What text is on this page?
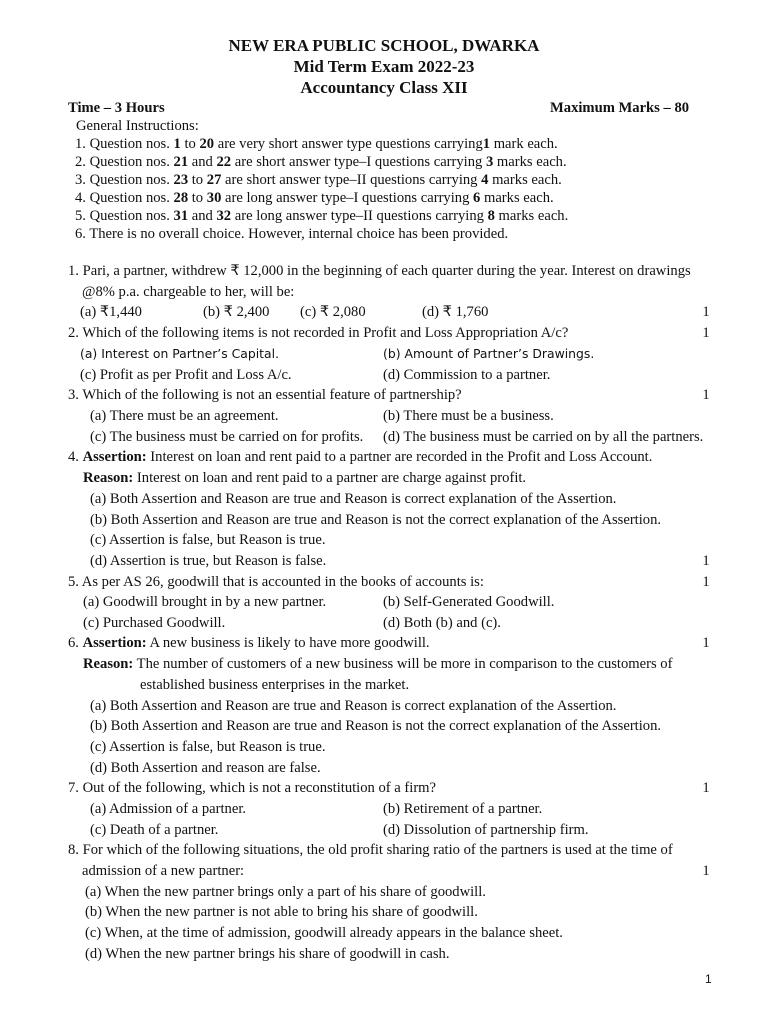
NEW ERA PUBLIC SCHOOL, DWARKA
Mid Term Exam 2022-23
Accountancy Class XII
Time – 3 Hours	Maximum Marks – 80
General Instructions:
1. Question nos. 1 to 20 are very short answer type questions carrying1 mark each.
2. Question nos. 21 and 22 are short answer type–I questions carrying 3 marks each.
3. Question nos. 23 to 27 are short answer type–II questions carrying 4 marks each.
4. Question nos. 28 to 30 are long answer type–I questions carrying 6 marks each.
5. Question nos. 31 and 32 are long answer type–II questions carrying 8 marks each.
6. There is no overall choice. However, internal choice has been provided.
1. Pari, a partner, withdrew ₹ 12,000 in the beginning of each quarter during the year. Interest on drawings
@8% p.a. chargeable to her, will be:
(a) ₹1,440	(b) ₹ 2,400 (c) ₹ 2,080	(d) ₹ 1,760	1
2. Which of the following items is not recorded in Profit and Loss Appropriation A/c?	1
(a) Interest on Partner’s Capital.	(b) Amount of Partner’s Drawings.
(c) Profit as per Profit and Loss A/c.	(d) Commission to a partner.
3. Which of the following is not an essential feature of partnership?	1
(a) There must be an agreement.	(b) There must be a business.
(c) The business must be carried on for profits. (d) The business must be carried on by all the partners.
4. Assertion: Interest on loan and rent paid to a partner are recorded in the Profit and Loss Account.
Reason: Interest on loan and rent paid to a partner are charge against profit.
(a) Both Assertion and Reason are true and Reason is correct explanation of the Assertion.
(b) Both Assertion and Reason are true and Reason is not the correct explanation of the Assertion.
(c) Assertion is false, but Reason is true.
(d) Assertion is true, but Reason is false.	1
5. As per AS 26, goodwill that is accounted in the books of accounts is:	1
(a) Goodwill brought in by a new partner.	(b) Self-Generated Goodwill.
(c) Purchased Goodwill.	(d) Both (b) and (c).
6. Assertion: A new business is likely to have more goodwill.	1
Reason: The number of customers of a new business will be more in comparison to the customers of
established business enterprises in the market.
(a) Both Assertion and Reason are true and Reason is correct explanation of the Assertion.
(b) Both Assertion and Reason are true and Reason is not the correct explanation of the Assertion.
(c) Assertion is false, but Reason is true.
(d) Both Assertion and reason are false.
7. Out of the following, which is not a reconstitution of a firm?	1
(a) Admission of a partner.	(b) Retirement of a partner.
(c) Death of a partner.	(d) Dissolution of partnership firm.
8. For which of the following situations, the old profit sharing ratio of the partners is used at the time of
admission of a new partner:	1
(a) When the new partner brings only a part of his share of goodwill.
(b) When the new partner is not able to bring his share of goodwill.
(c) When, at the time of admission, goodwill already appears in the balance sheet.
(d) When the new partner brings his share of goodwill in cash.
1
